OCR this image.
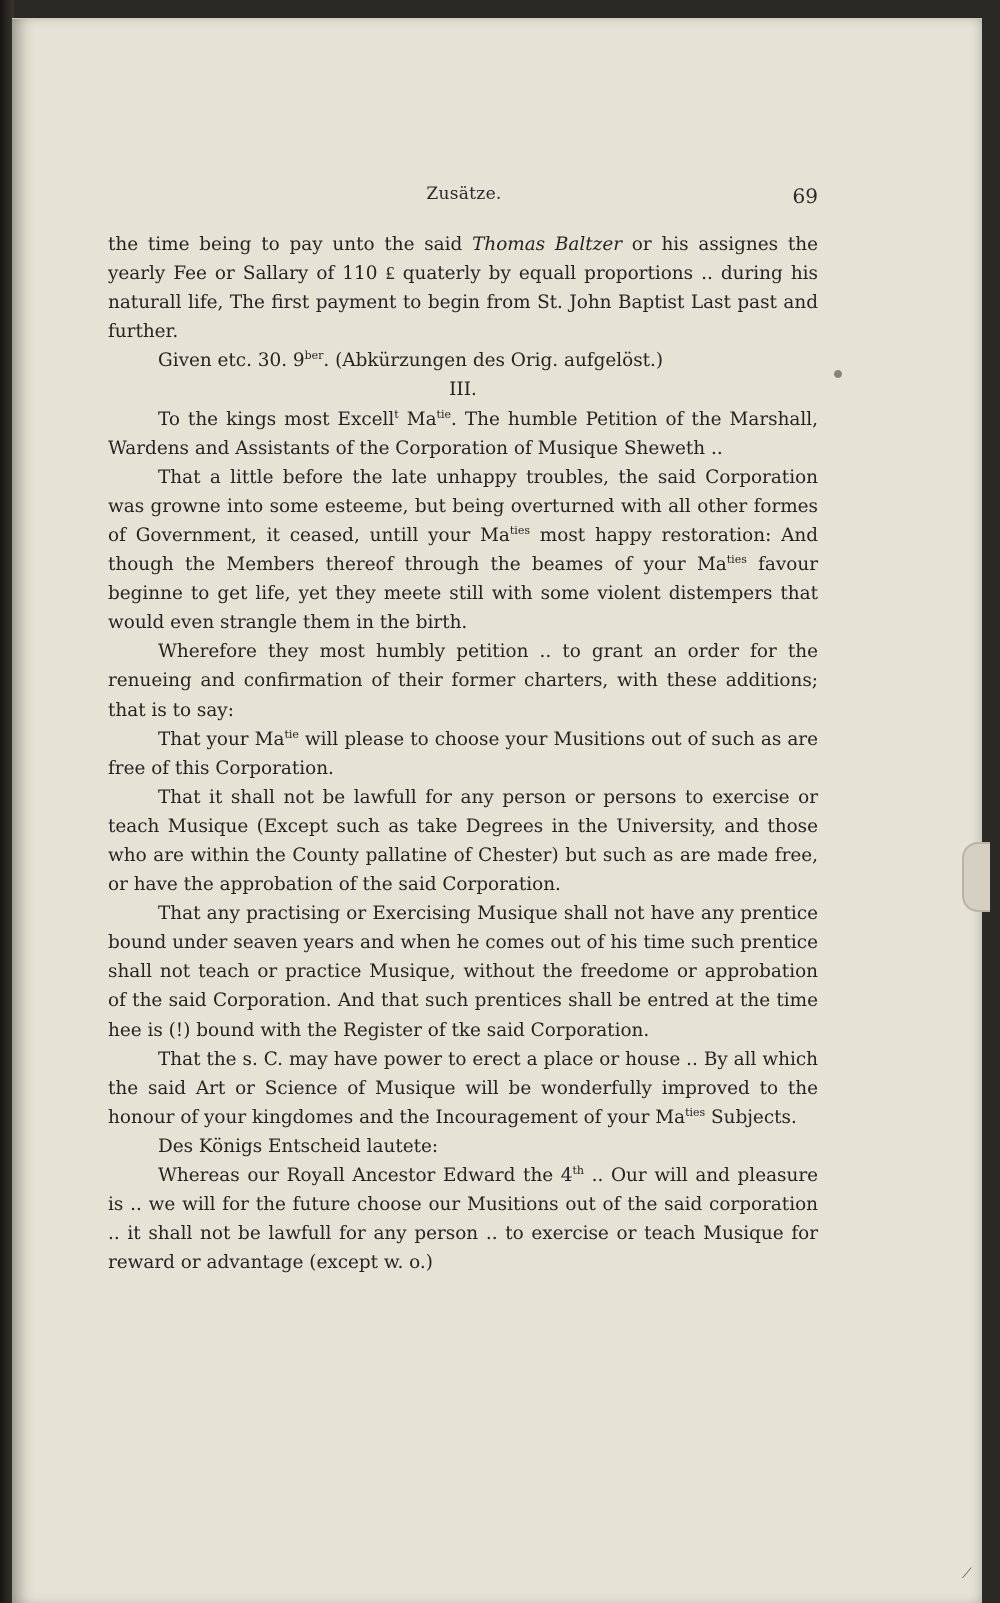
Zusätze.	69

the time being to pay unto the said Thomas Baltzer or his assignes the yearly Fee or Sallary of 110 ₤ quaterly by equall proportions .. during his naturall life, The first payment to begin from St. John Baptist Last past and further.

Given etc. 30. $9^{ber}$. (Abkürzungen des Orig. aufgelöst.)

III.

To the kings most Excell$^t$ $Ma^{tie}$. The humble Petition of the Marshall, Wardens and Assistants of the Corporation of Musique Sheweth ..

That a little before the late unhappy troubles, the said Corporation was growne into some esteeme, but being overturned with all other formes of Government, it ceased, untill your $Ma^{ties}$ most happy restoration: And though the Members thereof through the beames of your $Ma^{ties}$ favour beginne to get life, yet they meete still with some violent distempers that would even strangle them in the birth.

Wherefore they most humbly petition .. to grant an order for the renueing and confirmation of their former charters, with these additions; that is to say:

That your $Ma^{tie}$ will please to choose your Musitions out of such as are free of this Corporation.

That it shall not be lawfull for any person or persons to exercise or teach Musique (Except such as take Degrees in the University, and those who are within the County pallatine of Chester) but such as are made free, or have the approbation of the said Corporation.

That any practising or Exercising Musique shall not have any prentice bound under seaven years and when he comes out of his time such prentice shall not teach or practice Musique, without the freedome or approbation of the said Corporation. And that such prentices shall be entred at the time hee is (!) bound with the Register of tke said Corporation.

That the s. C. may have power to erect a place or house .. By all which the said Art or Science of Musique will be wonderfully improved to the honour of your kingdomes and the Incouragement of your $Ma^{ties}$ Subjects.

Des Königs Entscheid lautete:

Whereas our Royall Ancestor Edward the 4th .. Our will and pleasure is .. we will for the future choose our Musitions out of the said corporation .. it shall not be lawfull for any person .. to exercise or teach Musique for reward or advantage (except w. o.)

⟋
